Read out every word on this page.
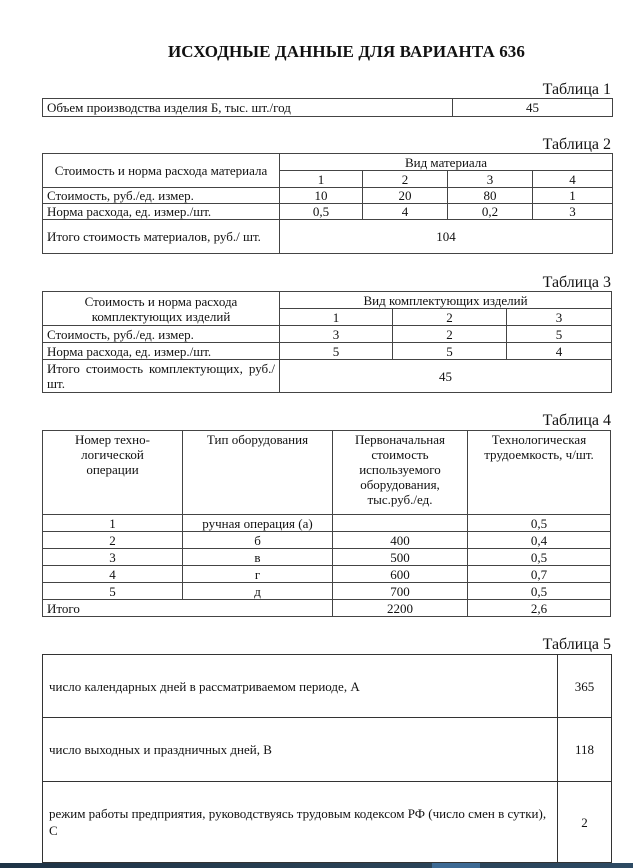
ИСХОДНЫЕ ДАННЫЕ ДЛЯ ВАРИАНТА 636
Таблица 1
Объем производства изделия Б, тыс. шт./год	45
Таблица 2
Стоимость и норма расхода материала	Вид материала			
	1	2	3	4
Стоимость, руб./ед. измер.	10	20	80	1
Норма расхода, ед. измер./шт.	0,5	4	0,2	3
Итого стоимость материалов, руб./ шт.	104			
Таблица 3
Стоимость и норма расхода комплектующих изделий	Вид комплектующих изделий		
	1	2	3
Стоимость, руб./ед. измер.	3	2	5
Норма расхода, ед. измер./шт.	5	5	4
Итого стоимость комплектующих, руб./шт.	45		
Таблица 4
Номер техно- логической операции	Тип оборудования	Первоначальная стоимость используемого оборудования, тыс.руб./ед.	Технологическая трудоемкость, ч/шт.
1	ручная операция (а)		0,5
2	б	400	0,4
3	в	500	0,5
4	г	600	0,7
5	д	700	0,5
Итого		2200	2,6
Таблица 5
число календарных дней в рассматриваемом периоде, А	365
число выходных и праздничных дней, В	118
режим работы предприятия, руководствуясь трудовым кодексом РФ (число смен в сутки), С	2
